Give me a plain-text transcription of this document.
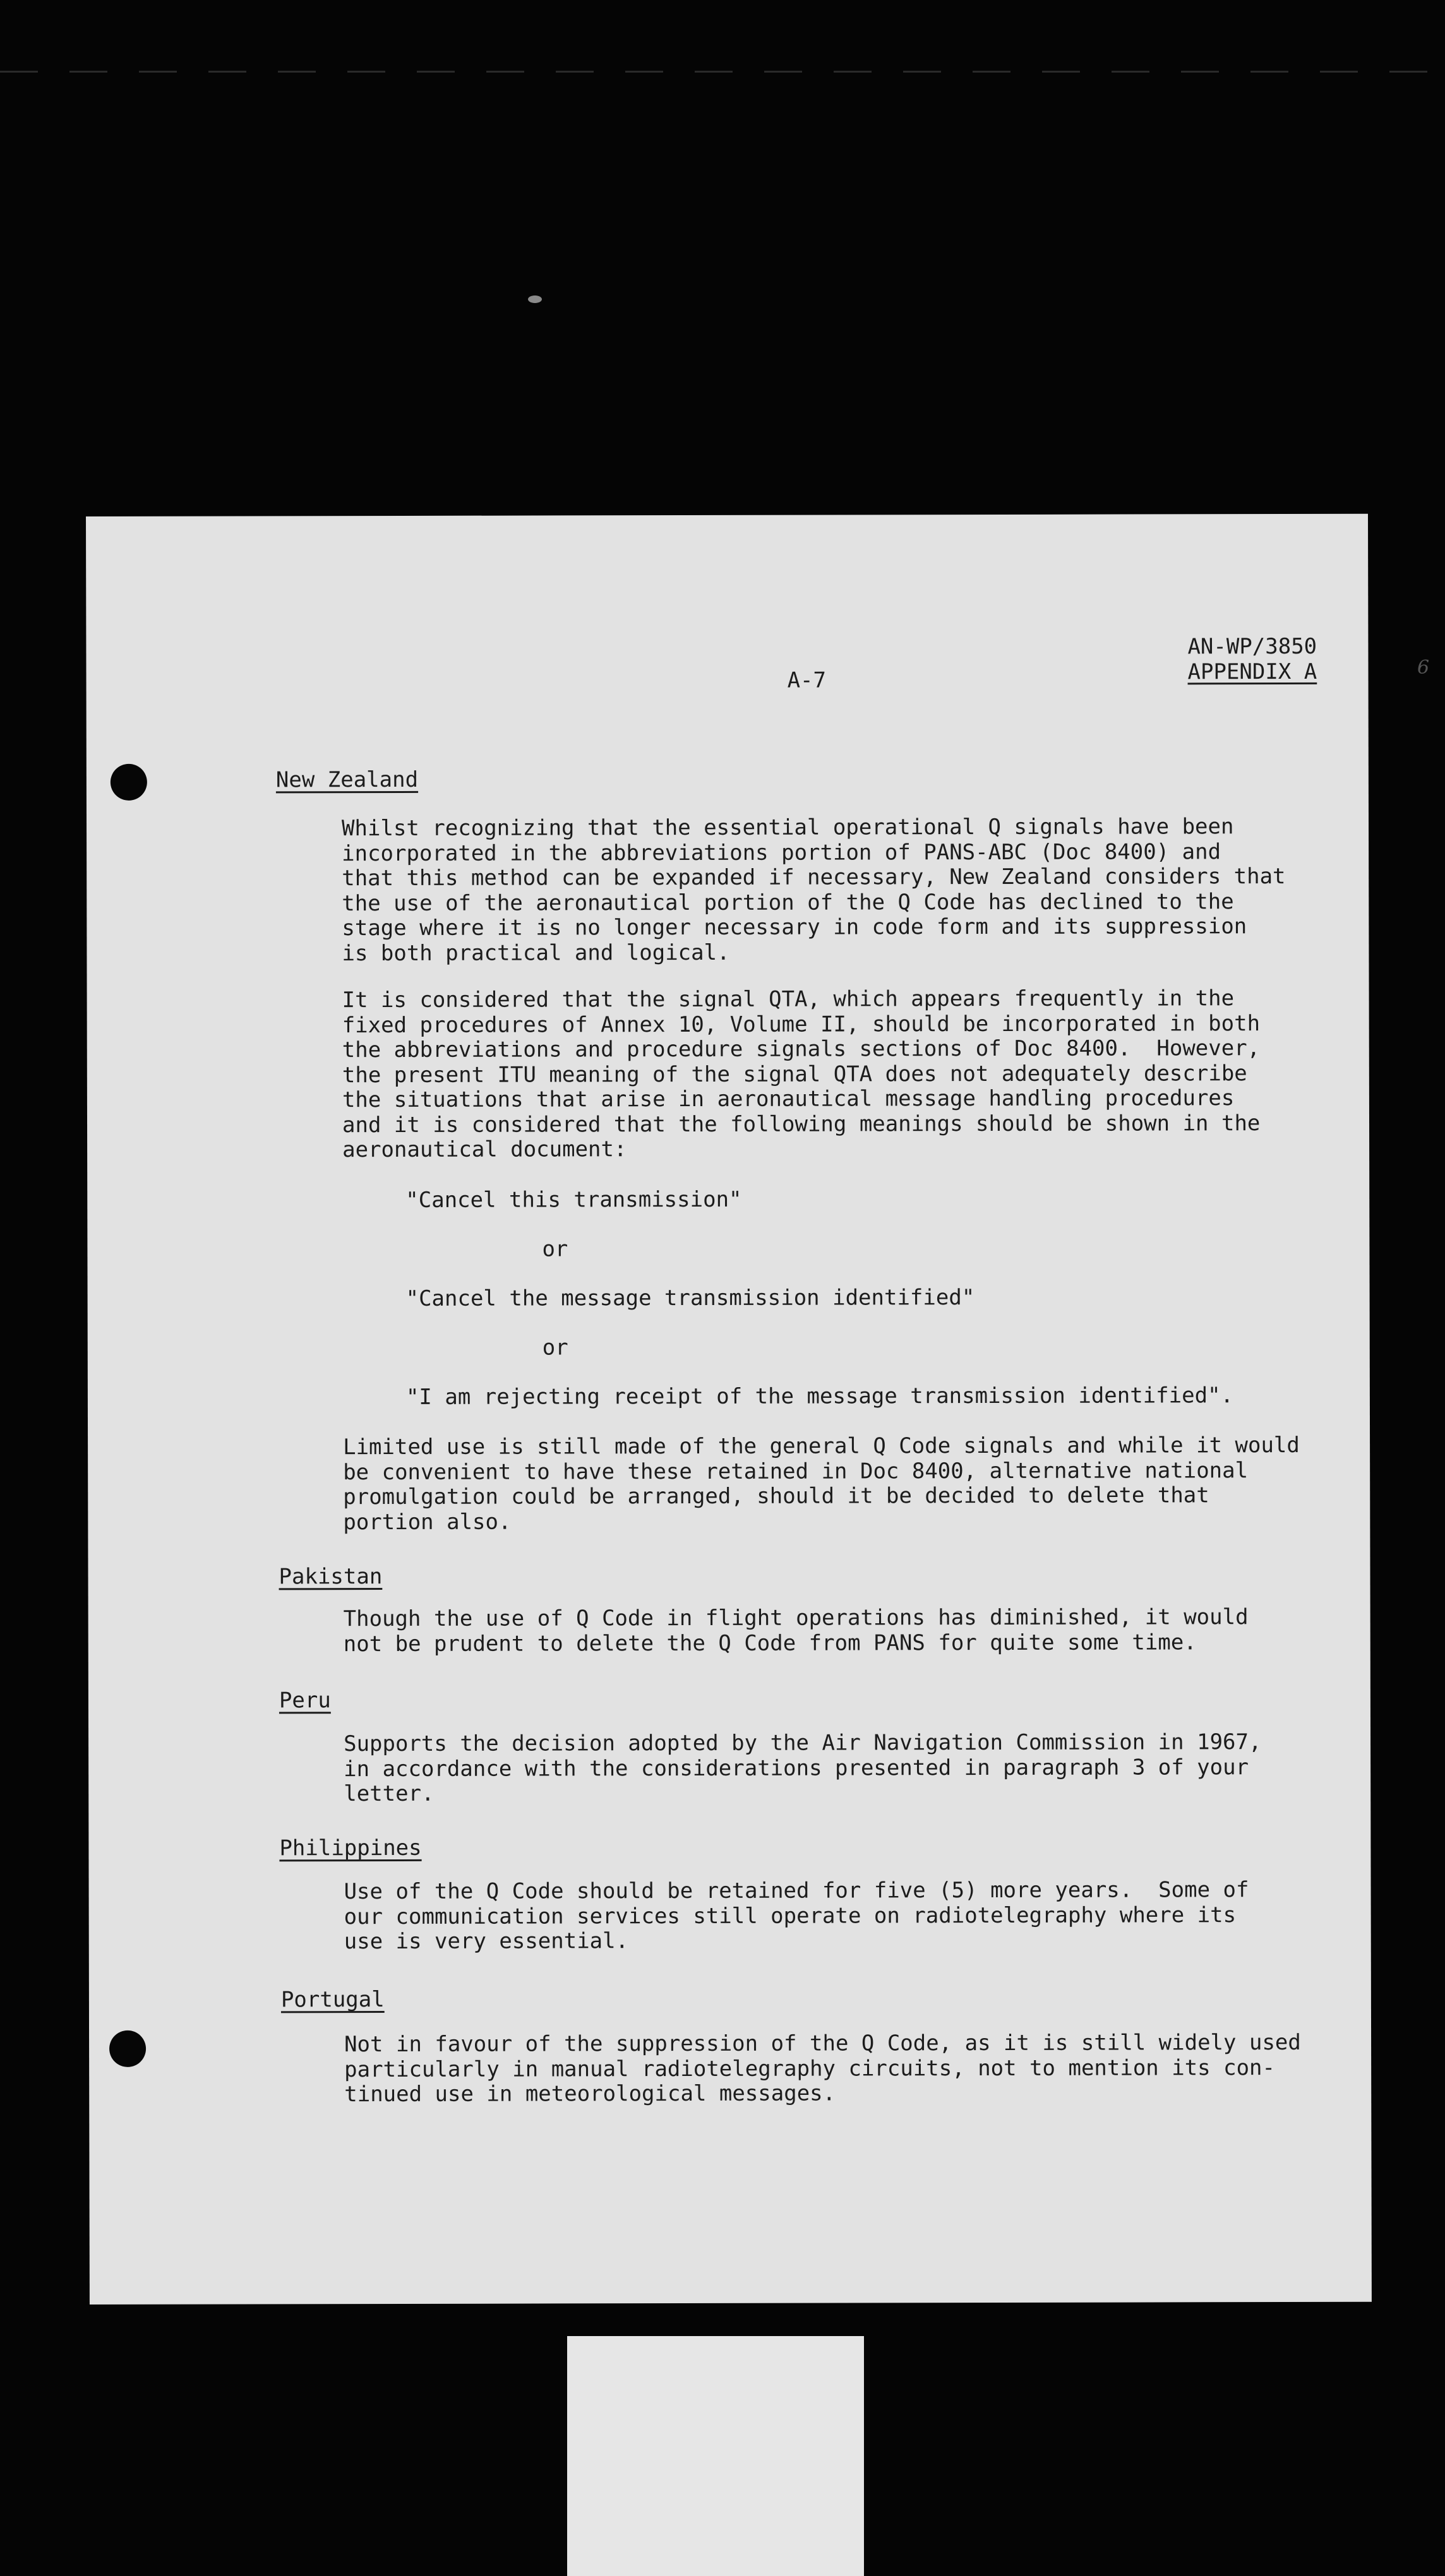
6
AN-WP/3850
APPENDIX A
A-7
New Zealand
Whilst recognizing that the essential operational Q signals have been
incorporated in the abbreviations portion of PANS-ABC (Doc 8400) and
that this method can be expanded if necessary, New Zealand considers that
the use of the aeronautical portion of the Q Code has declined to the
stage where it is no longer necessary in code form and its suppression
is both practical and logical.
It is considered that the signal QTA, which appears frequently in the
fixed procedures of Annex 10, Volume II, should be incorporated in both
the abbreviations and procedure signals sections of Doc 8400.  However,
the present ITU meaning of the signal QTA does not adequately describe
the situations that arise in aeronautical message handling procedures
and it is considered that the following meanings should be shown in the
aeronautical document:
"Cancel this transmission"
or
"Cancel the message transmission identified"
or
"I am rejecting receipt of the message transmission identified".
Limited use is still made of the general Q Code signals and while it would
be convenient to have these retained in Doc 8400, alternative national
promulgation could be arranged, should it be decided to delete that
portion also.
Pakistan
Though the use of Q Code in flight operations has diminished, it would
not be prudent to delete the Q Code from PANS for quite some time.
Peru
Supports the decision adopted by the Air Navigation Commission in 1967,
in accordance with the considerations presented in paragraph 3 of your
letter.
Philippines
Use of the Q Code should be retained for five (5) more years.  Some of
our communication services still operate on radiotelegraphy where its
use is very essential.
Portugal
Not in favour of the suppression of the Q Code, as it is still widely used
particularly in manual radiotelegraphy circuits, not to mention its con-
tinued use in meteorological messages.
